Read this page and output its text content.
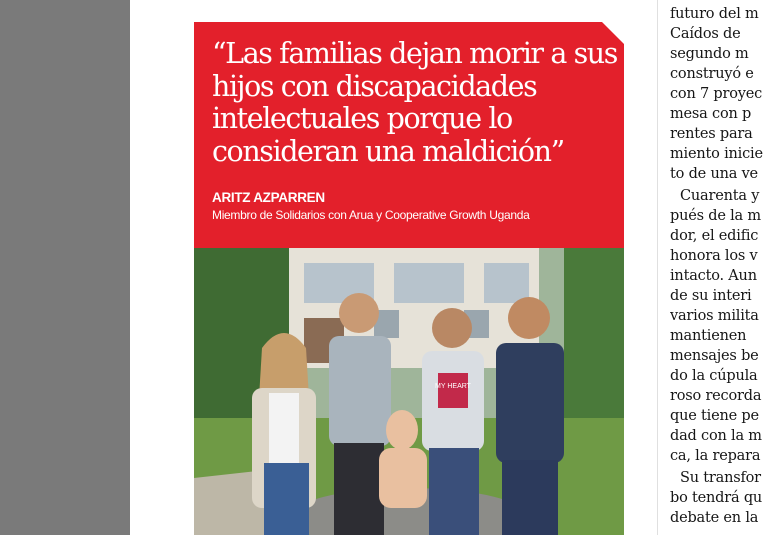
“Las familias dejan morir a sus hijos con discapacidades intelectuales porque lo consideran una maldición”
ARITZ AZPARREN
Miembro de Solidarios con Arua y Cooperative Growth Uganda
MY HEART
futuro del m
Caídos de
segundo m
construyó e
con 7 proyec
mesa con p
rentes para
miento inicie
to de una ve
Cuarenta y
pués de la m
dor, el edific
honora los v
intacto. Aun
de su interi
varios milita
mantienen
mensajes be
do la cúpula
roso recorda
que tiene pe
dad con la m
ca, la repara
Su transfor
bo tendrá qu
debate en la
